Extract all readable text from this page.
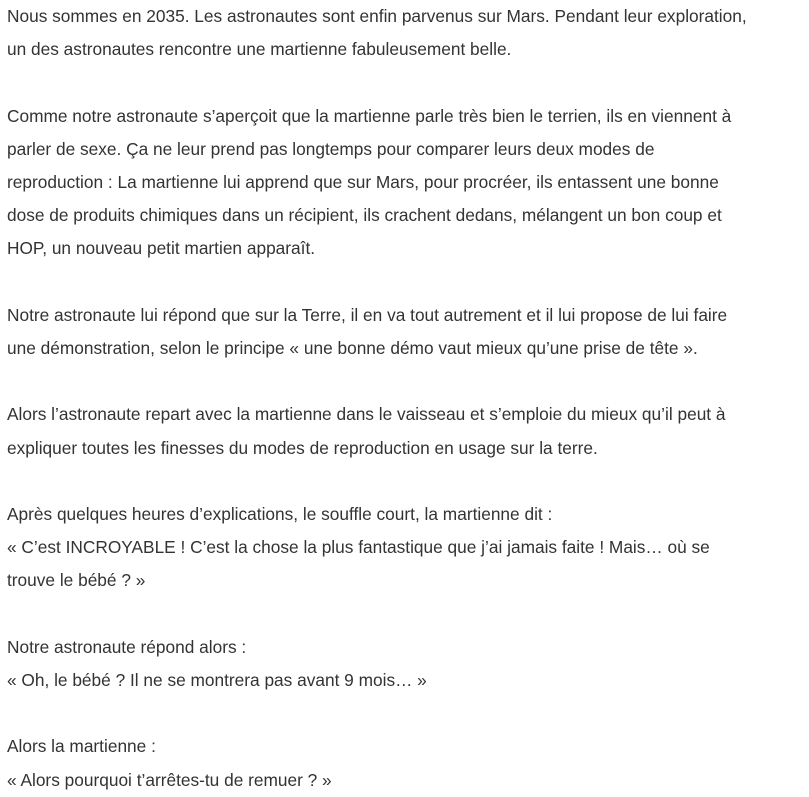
Nous sommes en 2035. Les astronautes sont enfin parvenus sur Mars. Pendant leur exploration,
un des astronautes rencontre une martienne fabuleusement belle.

Comme notre astronaute s’aperçoit que la martienne parle très bien le terrien, ils en viennent à
parler de sexe. Ça ne leur prend pas longtemps pour comparer leurs deux modes de
reproduction : La martienne lui apprend que sur Mars, pour procréer, ils entassent une bonne
dose de produits chimiques dans un récipient, ils crachent dedans, mélangent un bon coup et
HOP, un nouveau petit martien apparaît.

Notre astronaute lui répond que sur la Terre, il en va tout autrement et il lui propose de lui faire
une démonstration, selon le principe « une bonne démo vaut mieux qu’une prise de tête ».

Alors l’astronaute repart avec la martienne dans le vaisseau et s’emploie du mieux qu’il peut à
expliquer toutes les finesses du modes de reproduction en usage sur la terre.

Après quelques heures d’explications, le souffle court, la martienne dit :
« C’est INCROYABLE ! C’est la chose la plus fantastique que j’ai jamais faite ! Mais… où se
trouve le bébé ? »

Notre astronaute répond alors :
« Oh, le bébé ? Il ne se montrera pas avant 9 mois… »

Alors la martienne :
« Alors pourquoi t’arrêtes-tu de remuer ? »
